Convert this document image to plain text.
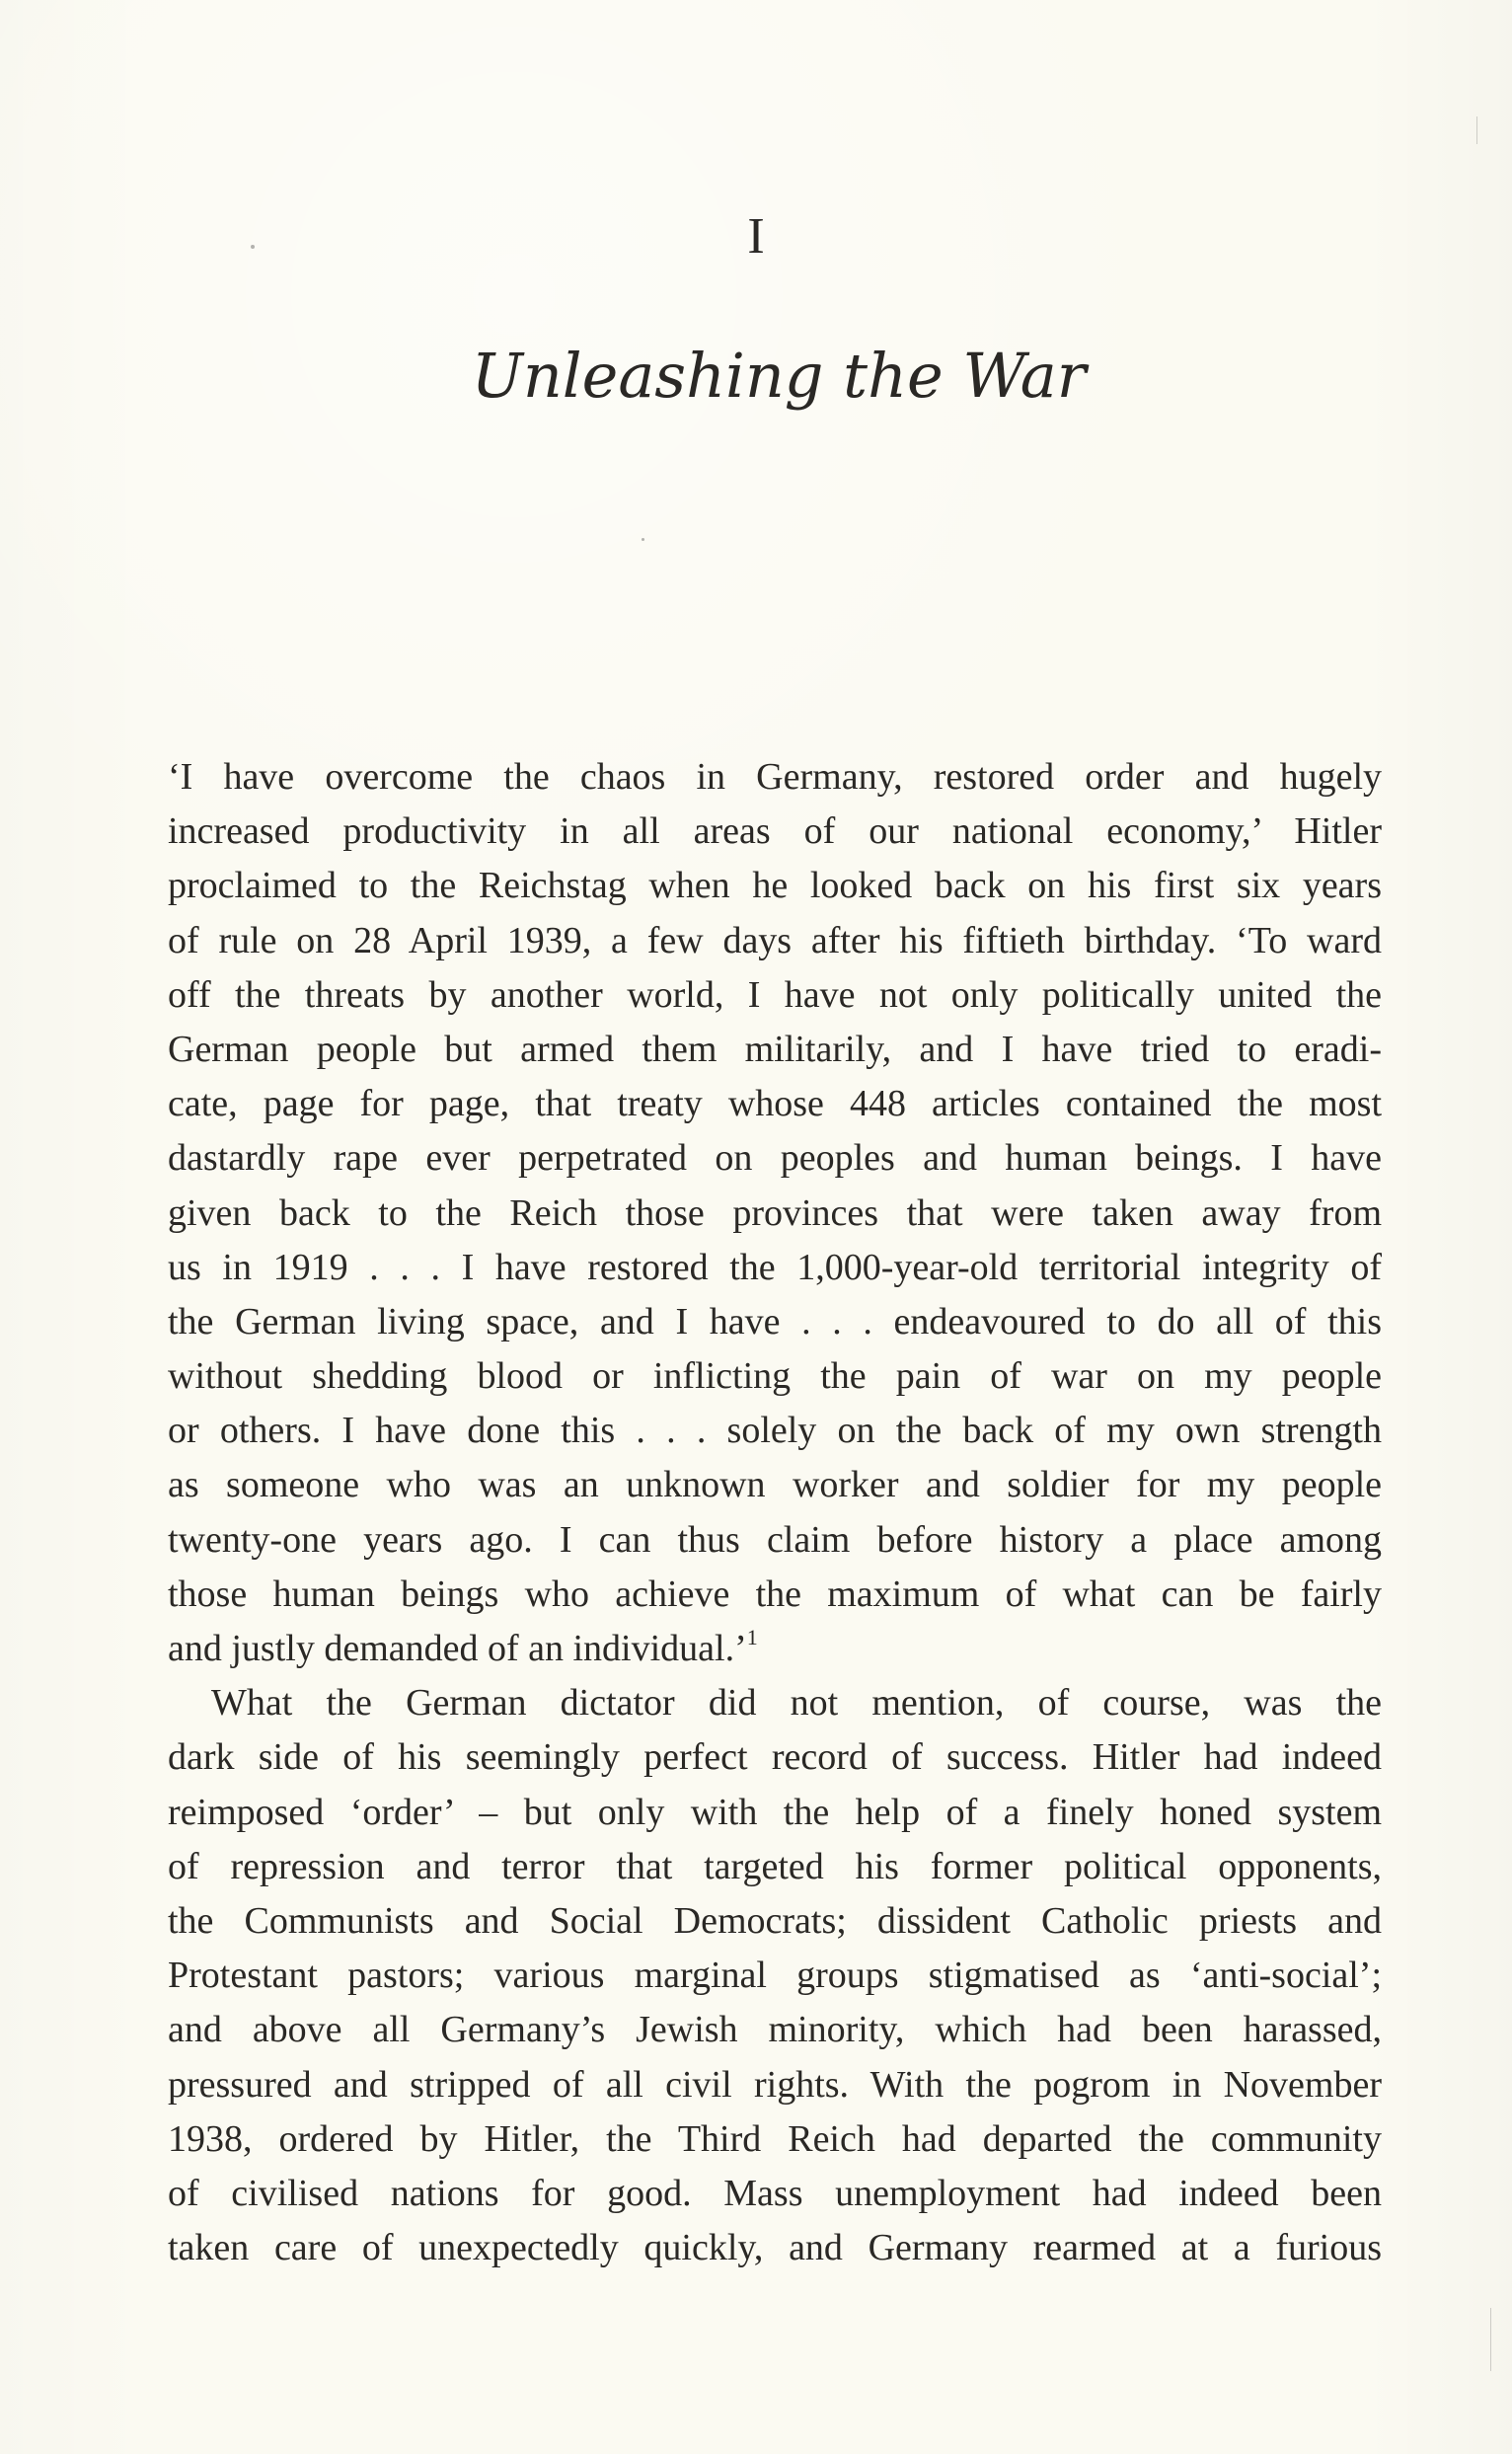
I
Unleashing the War
‘I have overcome the chaos in Germany, restored order and hugely
increased productivity in all areas of our national economy,’ Hitler
proclaimed to the Reichstag when he looked back on his first six years
of rule on 28 April 1939, a few days after his fiftieth birthday. ‘To ward
off the threats by another world, I have not only politically united the
German people but armed them militarily, and I have tried to eradi-
cate, page for page, that treaty whose 448 articles contained the most
dastardly rape ever perpetrated on peoples and human beings. I have
given back to the Reich those provinces that were taken away from
us in 1919 . . . I have restored the 1,000-year-old territorial integrity of
the German living space, and I have . . . endeavoured to do all of this
without shedding blood or inflicting the pain of war on my people
or others. I have done this . . . solely on the back of my own strength
as someone who was an unknown worker and soldier for my people
twenty-one years ago. I can thus claim before history a place among
those human beings who achieve the maximum of what can be fairly
and justly demanded of an individual.’$^1$
What the German dictator did not mention, of course, was the
dark side of his seemingly perfect record of success. Hitler had indeed
reimposed ‘order’ – but only with the help of a finely honed system
of repression and terror that targeted his former political opponents,
the Communists and Social Democrats; dissident Catholic priests and
Protestant pastors; various marginal groups stigmatised as ‘anti-social’;
and above all Germany’s Jewish minority, which had been harassed,
pressured and stripped of all civil rights. With the pogrom in November
1938, ordered by Hitler, the Third Reich had departed the community
of civilised nations for good. Mass unemployment had indeed been
taken care of unexpectedly quickly, and Germany rearmed at a furious
